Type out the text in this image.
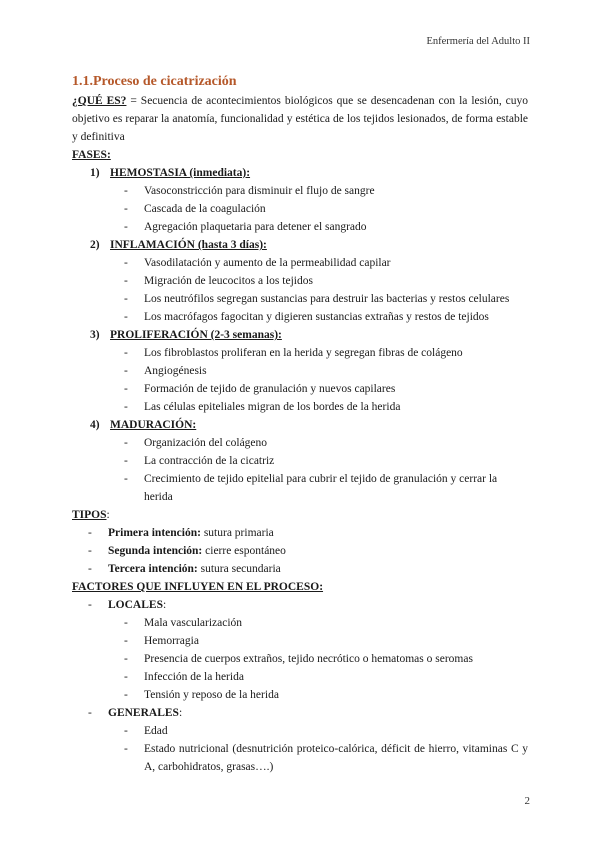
Enfermería del Adulto II
1.1.Proceso de cicatrización

¿QUÉ ES? = Secuencia de acontecimientos biológicos que se desencadenan con la lesión, cuyo objetivo es reparar la anatomía, funcionalidad y estética de los tejidos lesionados, de forma estable y definitiva

FASES:

1) HEMOSTASIA (inmediata):
- Vasoconstricción para disminuir el flujo de sangre
- Cascada de la coagulación
- Agregación plaquetaria para detener el sangrado
2) INFLAMACIÓN (hasta 3 días):
- Vasodilatación y aumento de la permeabilidad capilar
- Migración de leucocitos a los tejidos
- Los neutrófilos segregan sustancias para destruir las bacterias y restos celulares
- Los macrófagos fagocitan y digieren sustancias extrañas y restos de tejidos
3) PROLIFERACIÓN (2-3 semanas):
- Los fibroblastos proliferan en la herida y segregan fibras de colágeno
- Angiogénesis
- Formación de tejido de granulación y nuevos capilares
- Las células epiteliales migran de los bordes de la herida
4) MADURACIÓN:
- Organización del colágeno
- La contracción de la cicatriz
- Crecimiento de tejido epitelial para cubrir el tejido de granulación y cerrar la herida

TIPOS:

- Primera intención: sutura primaria
- Segunda intención: cierre espontáneo
- Tercera intención: sutura secundaria

FACTORES QUE INFLUYEN EN EL PROCESO:

- LOCALES:
- Mala vascularización
- Hemorragia
- Presencia de cuerpos extraños, tejido necrótico o hematomas o seromas
- Infección de la herida
- Tensión y reposo de la herida
- GENERALES:
- Edad
- Estado nutricional (desnutrición proteico-calórica, déficit de hierro, vitaminas C y A, carbohidratos, grasas….)
2
